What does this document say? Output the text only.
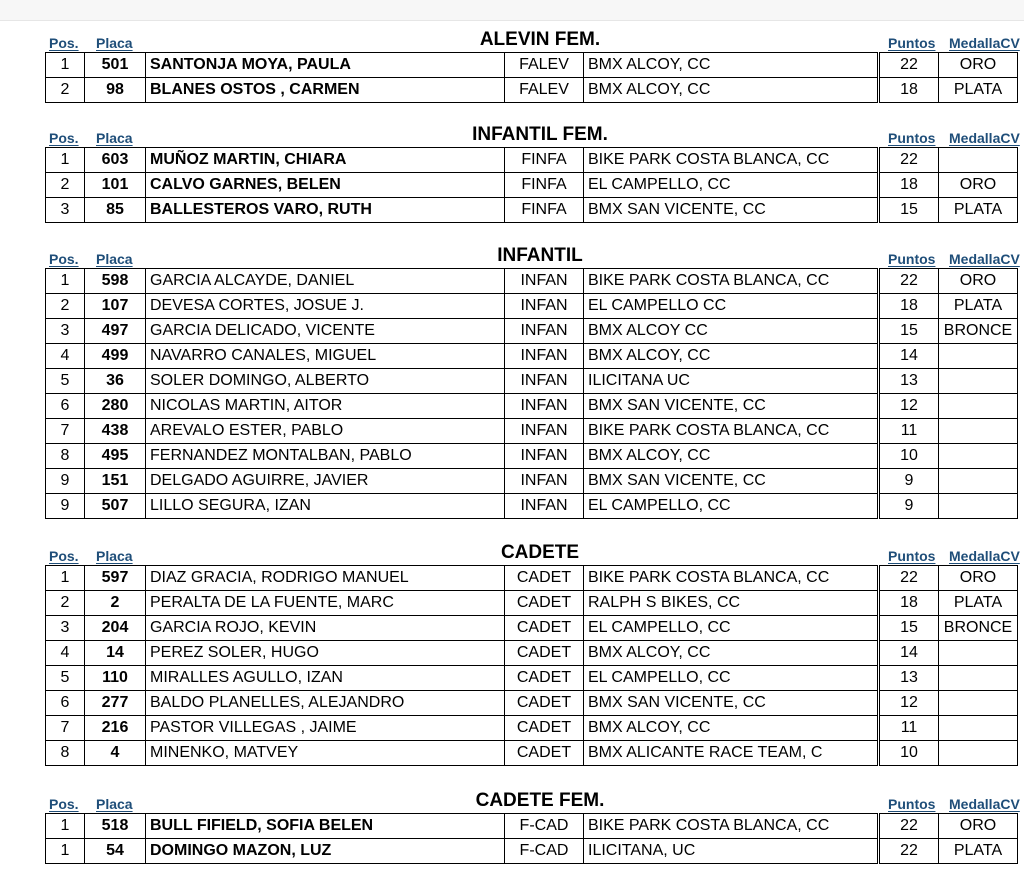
Pos. Placa	ALEVIN FEM.	Puntos MedallaCV
1	501	SANTONJA MOYA, PAULA	FALEV	BMX ALCOY, CC		22	ORO
2	98	BLANES OSTOS , CARMEN	FALEV	BMX ALCOY, CC		18	PLATA
Pos. Placa	INFANTIL FEM.	Puntos MedallaCV
1	603	MUÑOZ MARTIN, CHIARA	FINFA	BIKE PARK COSTA BLANCA, CC		22	
2	101	CALVO GARNES, BELEN	FINFA	EL CAMPELLO, CC		18	ORO
3	85	BALLESTEROS VARO, RUTH	FINFA	BMX SAN VICENTE, CC		15	PLATA
Pos. Placa	INFANTIL	Puntos MedallaCV
1	598	GARCIA ALCAYDE, DANIEL	INFAN	BIKE PARK COSTA BLANCA, CC		22	ORO
2	107	DEVESA CORTES, JOSUE J.	INFAN	EL CAMPELLO CC		18	PLATA
3	497	GARCIA DELICADO, VICENTE	INFAN	BMX ALCOY CC		15	BRONCE
4	499	NAVARRO CANALES, MIGUEL	INFAN	BMX ALCOY, CC		14	
5	36	SOLER DOMINGO, ALBERTO	INFAN	ILICITANA UC		13	
6	280	NICOLAS MARTIN, AITOR	INFAN	BMX SAN VICENTE, CC		12	
7	438	AREVALO ESTER, PABLO	INFAN	BIKE PARK COSTA BLANCA, CC		11	
8	495	FERNANDEZ MONTALBAN, PABLO	INFAN	BMX ALCOY, CC		10	
9	151	DELGADO AGUIRRE, JAVIER	INFAN	BMX SAN VICENTE, CC		9	
9	507	LILLO SEGURA, IZAN	INFAN	EL CAMPELLO, CC		9	
Pos. Placa	CADETE	Puntos MedallaCV
1	597	DIAZ GRACIA, RODRIGO MANUEL	CADET	BIKE PARK COSTA BLANCA, CC		22	ORO
2	2	PERALTA DE LA FUENTE, MARC	CADET	RALPH S BIKES, CC		18	PLATA
3	204	GARCIA ROJO, KEVIN	CADET	EL CAMPELLO, CC		15	BRONCE
4	14	PEREZ SOLER, HUGO	CADET	BMX ALCOY, CC		14	
5	110	MIRALLES AGULLO, IZAN	CADET	EL CAMPELLO, CC		13	
6	277	BALDO PLANELLES, ALEJANDRO	CADET	BMX SAN VICENTE, CC		12	
7	216	PASTOR VILLEGAS , JAIME	CADET	BMX ALCOY, CC		11	
8	4	MINENKO, MATVEY	CADET	BMX ALICANTE RACE TEAM, C		10	
Pos. Placa	CADETE FEM.	Puntos MedallaCV
1	518	BULL FIFIELD, SOFIA BELEN	F-CAD	BIKE PARK COSTA BLANCA, CC		22	ORO
1	54	DOMINGO MAZON, LUZ	F-CAD	ILICITANA, UC		22	PLATA
